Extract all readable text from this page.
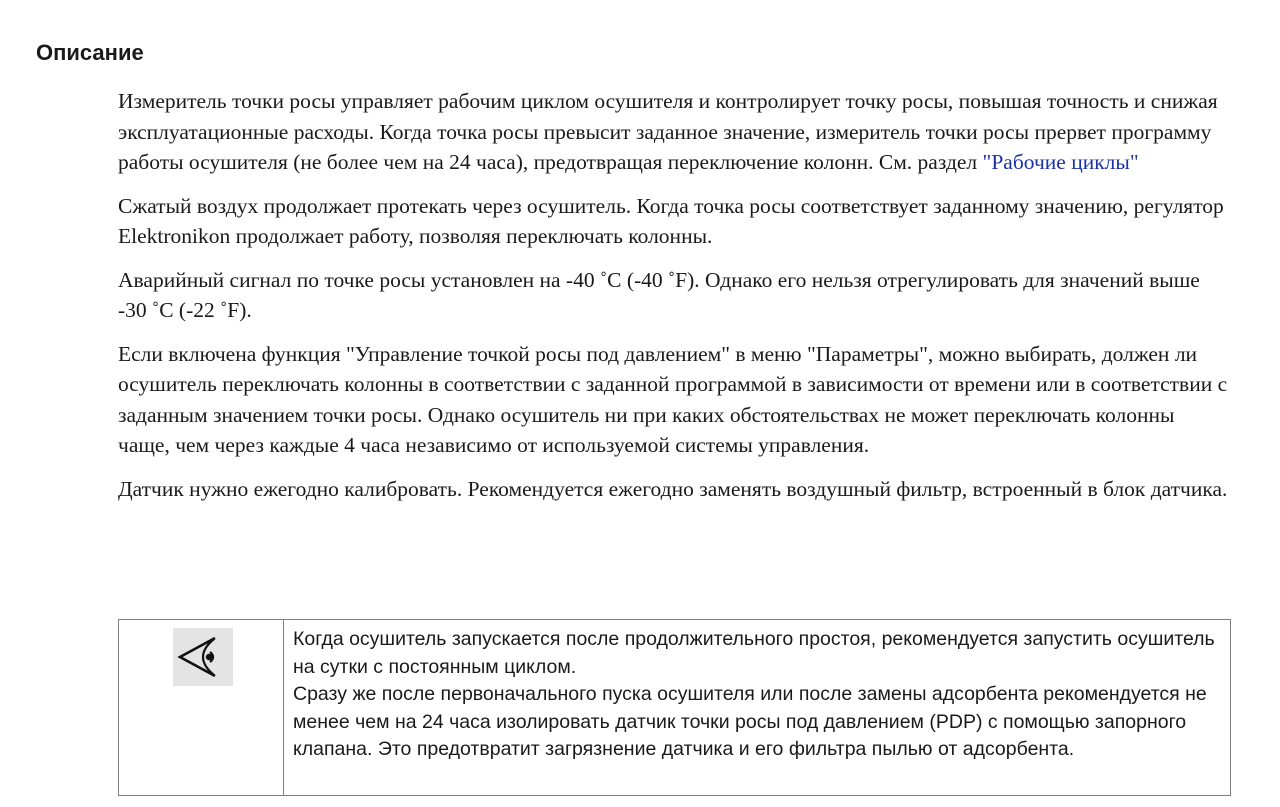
Описание

Измеритель точки росы управляет рабочим циклом осушителя и контролирует точку росы, повышая точность и снижая эксплуатационные расходы. Когда точка росы превысит заданное значение, измеритель точки росы прервет программу работы осушителя (не более чем на 24 часа), предотвращая переключение колонн. См. раздел "Рабочие циклы"

Сжатый воздух продолжает протекать через осушитель. Когда точка росы соответствует заданному значению, регулятор Elektronikon продолжает работу, позволяя переключать колонны.

Аварийный сигнал по точке росы установлен на -40 ˚C (-40 ˚F). Однако его нельзя отрегулировать для значений выше -30 ˚C (-22 ˚F).

Если включена функция "Управление точкой росы под давлением" в меню "Параметры", можно выбирать, должен ли осушитель переключать колонны в соответствии с заданной программой в зависимости от времени или в соответствии с заданным значением точки росы. Однако осушитель ни при каких обстоятельствах не может переключать колонны чаще, чем через каждые 4 часа независимо от используемой системы управления.

Датчик нужно ежегодно калибровать. Рекомендуется ежегодно заменять воздушный фильтр, встроенный в блок датчика.

Когда осушитель запускается после продолжительного простоя, рекомендуется запустить осушитель на сутки с постоянным циклом.
Сразу же после первоначального пуска осушителя или после замены адсорбента рекомендуется не менее чем на 24 часа изолировать датчик точки росы под давлением (PDP) с помощью запорного клапана. Это предотвратит загрязнение датчика и его фильтра пылью от адсорбента.
